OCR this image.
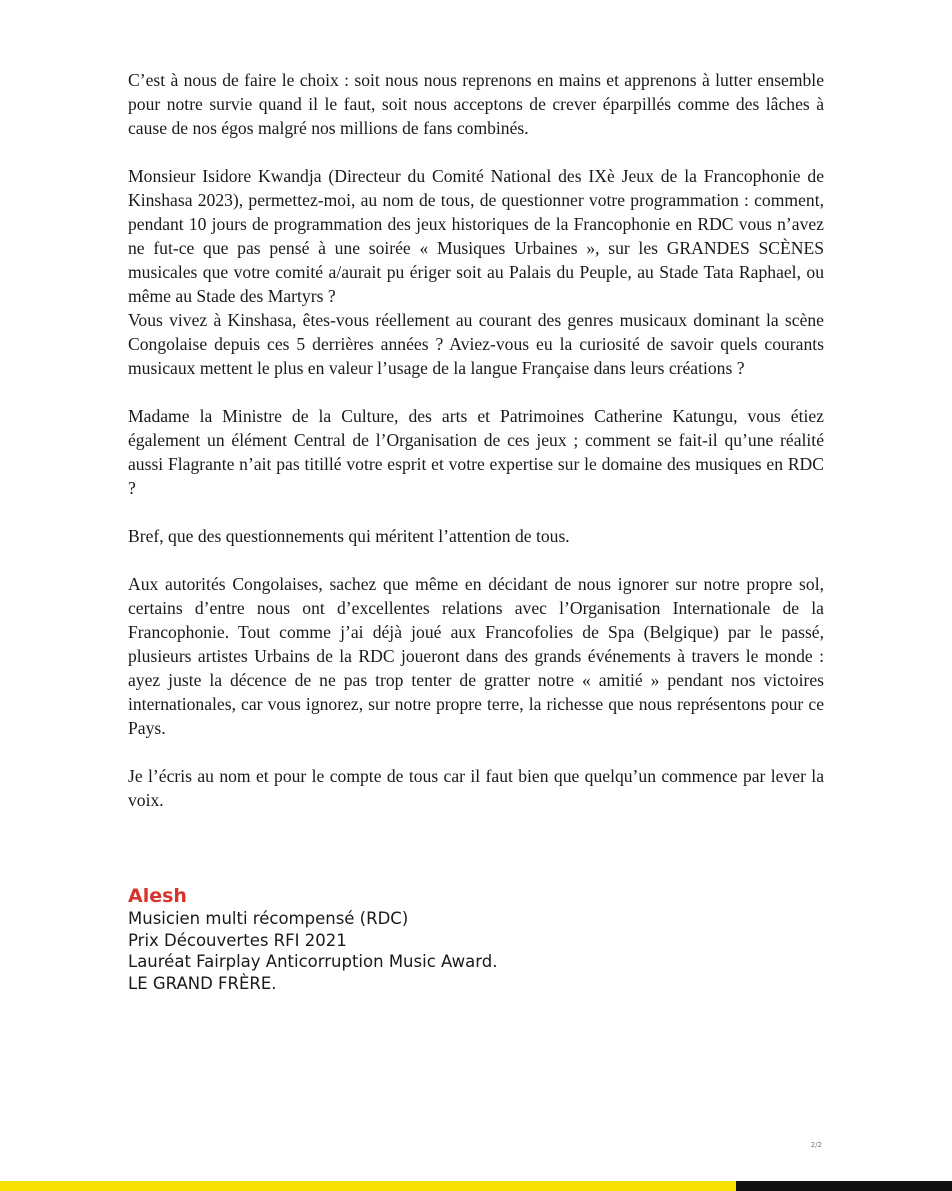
C’est à nous de faire le choix : soit nous nous reprenons en mains et apprenons à lutter ensemble pour notre survie quand il le faut, soit nous acceptons de crever éparpillés comme des lâches à cause de nos égos malgré nos millions de fans combinés.

Monsieur Isidore Kwandja (Directeur du Comité National des IXè Jeux de la Francophonie de Kinshasa 2023), permettez-moi, au nom de tous, de questionner votre programmation : comment, pendant 10 jours de programmation des jeux historiques de la Francophonie en RDC vous n’avez ne fut-ce que pas pensé à une soirée « Musiques Urbaines », sur les GRANDES SCÈNES musicales que votre comité a/aurait pu ériger soit au Palais du Peuple, au Stade Tata Raphael, ou même au Stade des Martyrs ?

Vous vivez à Kinshasa, êtes-vous réellement au courant des genres musicaux dominant la scène Congolaise depuis ces 5 derrières années ? Aviez-vous eu la curiosité de savoir quels courants musicaux mettent le plus en valeur l’usage de la langue Française dans leurs créations ?

Madame la Ministre de la Culture, des arts et Patrimoines Catherine Katungu, vous étiez également un élément Central de l’Organisation de ces jeux ; comment se fait-il qu’une réalité aussi Flagrante n’ait pas titillé votre esprit et votre expertise sur le domaine des musiques en RDC ?

Bref, que des questionnements qui méritent l’attention de tous.

Aux autorités Congolaises, sachez que même en décidant de nous ignorer sur notre propre sol, certains d’entre nous ont d’excellentes relations avec l’Organisation Internationale de la Francophonie. Tout comme j’ai déjà joué aux Francofolies de Spa (Belgique) par le passé, plusieurs artistes Urbains de la RDC joueront dans des grands événements à travers le monde : ayez juste la décence de ne pas trop tenter de gratter notre « amitié » pendant nos victoires internationales, car vous ignorez, sur notre propre terre, la richesse que nous représentons pour ce Pays.

Je l’écris au nom et pour le compte de tous car il faut bien que quelqu’un commence par lever la voix.

Alesh

Musicien multi récompensé (RDC)

Prix Découvertes RFI 2021

Lauréat Fairplay Anticorruption Music Award.

LE GRAND FRÈRE.

2/2
